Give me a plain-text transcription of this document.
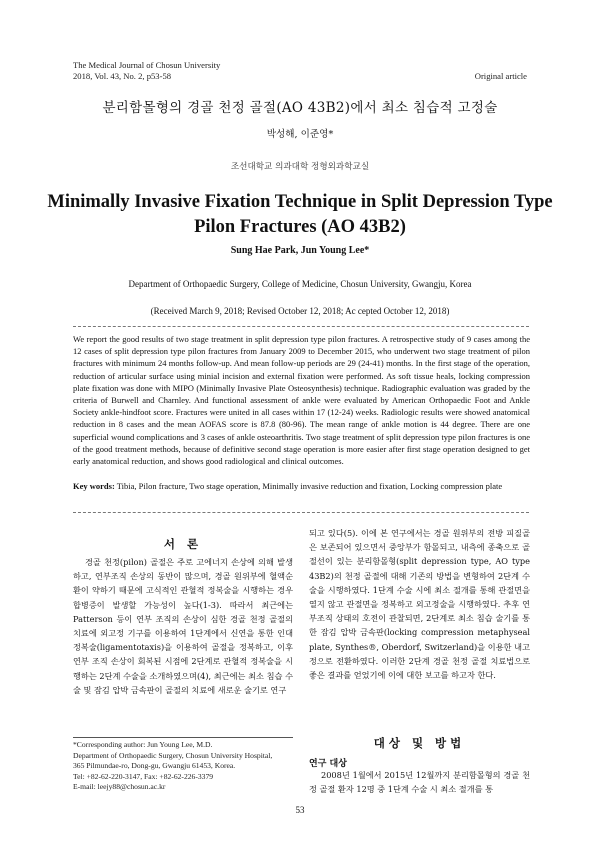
The Medical Journal of Chosun University
2018, Vol. 43, No. 2, p53-58	Original article
분리함몰형의 경골 천정 골절(AO 43B2)에서 최소 침습적 고정술
박성해, 이준영*
조선대학교 의과대학 정형외과학교실
Minimally Invasive Fixation Technique in Split Depression Type
Pilon Fractures (AO 43B2)
Sung Hae Park, Jun Young Lee*
Department of Orthopaedic Surgery, College of Medicine, Chosun University, Gwangju, Korea
(Received March 9, 2018; Revised October 12, 2018; Ac cepted October 12, 2018)

We report the good results of two stage treatment in split depression type pilon fractures. A retrospective study of 9 cases among the 12 cases of split depression type pilon fractures from January 2009 to December 2015, who underwent two stage treatment of pilon fractures with minimum 24 months follow-up. And mean follow-up periods are 29 (24-41) months. In the first stage of the operation, reduction of articular surface using minial incision and external fixation were performed. As soft tissue heals, locking compression plate fixation was done with MIPO (Minimally Invasive Plate Osteosynthesis) technique. Radiographic evaluation was graded by the criteria of Burwell and Charnley. And functional assessment of ankle were evaluated by American Orthopaedic Foot and Ankle Society ankle-hindfoot score. Fractures were united in all cases within 17 (12-24) weeks. Radiologic results were showed anatomical reduction in 8 cases and the mean AOFAS score is 87.8 (80-96). The mean range of ankle motion is 44 degree. There are one superficial wound complications and 3 cases of ankle osteoarthritis. Two stage treatment of split depression type pilon fractures is one of the good treatment methods, because of definitive second stage operation is more easier after first stage operation designed to get early anatomical reduction, and shows good radiological and clinical outcomes.

Key words: Tibia, Pilon fracture, Two stage operation, Minimally invasive reduction and fixation, Locking compression plate
서 론

경골 천정(pilon) 골절은 주로 고에너지 손상에 의해 발생하고, 연부조직 손상의 동반이 많으며, 경골 원위부에 혈액순환이 약하기 때문에 고식적인 관혈적 정복술을 시행하는 경우 합병증이 발생할 가능성이 높다(1-3). 따라서 최근에는 Patterson 등이 연부 조직의 손상이 심한 경골 천정 골절의 치료에 외고정 기구를 이용하여 1단계에서 신연을 통한 인대 정복술(ligamentotaxis)을 이용하여 골절을 정복하고, 이후 연부 조직 손상이 회복된 시점에 2단계로 관혈적 정복술을 시행하는 2단계 수술을 소개하였으며(4), 최근에는 최소 침습 수술 및 잠김 압박 금속판이 골절의 치료에 새로운 술기로 연구

*Corresponding author: Jun Young Lee, M.D.
Department of Orthopaedic Surgery, Chosun University Hospital,
365 Pilmundae-ro, Dong-gu, Gwangju 61453, Korea.
Tel: +82-62-220-3147, Fax: +82-62-226-3379
E-mail: leejy88@chosun.ac.kr

되고 있다(5). 이에 본 연구에서는 경골 원위부의 전방 피질골은 보존되어 있으면서 중앙부가 함몰되고, 내측에 종축으로 골절선이 있는 분리함몰형(split depression type, AO type 43B2)의 천정 골절에 대해 기존의 방법을 변형하여 2단계 수술을 시행하였다. 1단계 수술 시에 최소 절개를 통해 관절면을 열지 않고 관절면을 정복하고 외고정술을 시행하였다. 추후 연부조직 상태의 호전이 관찰되면, 2단계로 최소 침습 술기를 통한 잠김 압박 금속판(locking compression metaphyseal plate, Synthes®, Oberdorf, Switzerland)을 이용한 내고정으로 전환하였다. 이러한 2단계 경골 천정 골절 치료법으로 좋은 결과를 얻었기에 이에 대한 보고를 하고자 한다.

대상 및 방법
연구 대상

2008년 1월에서 2015년 12월까지 분리함몰형의 경골 천정 골절 환자 12명 중 1단계 수술 시 최소 절개를 통

53
